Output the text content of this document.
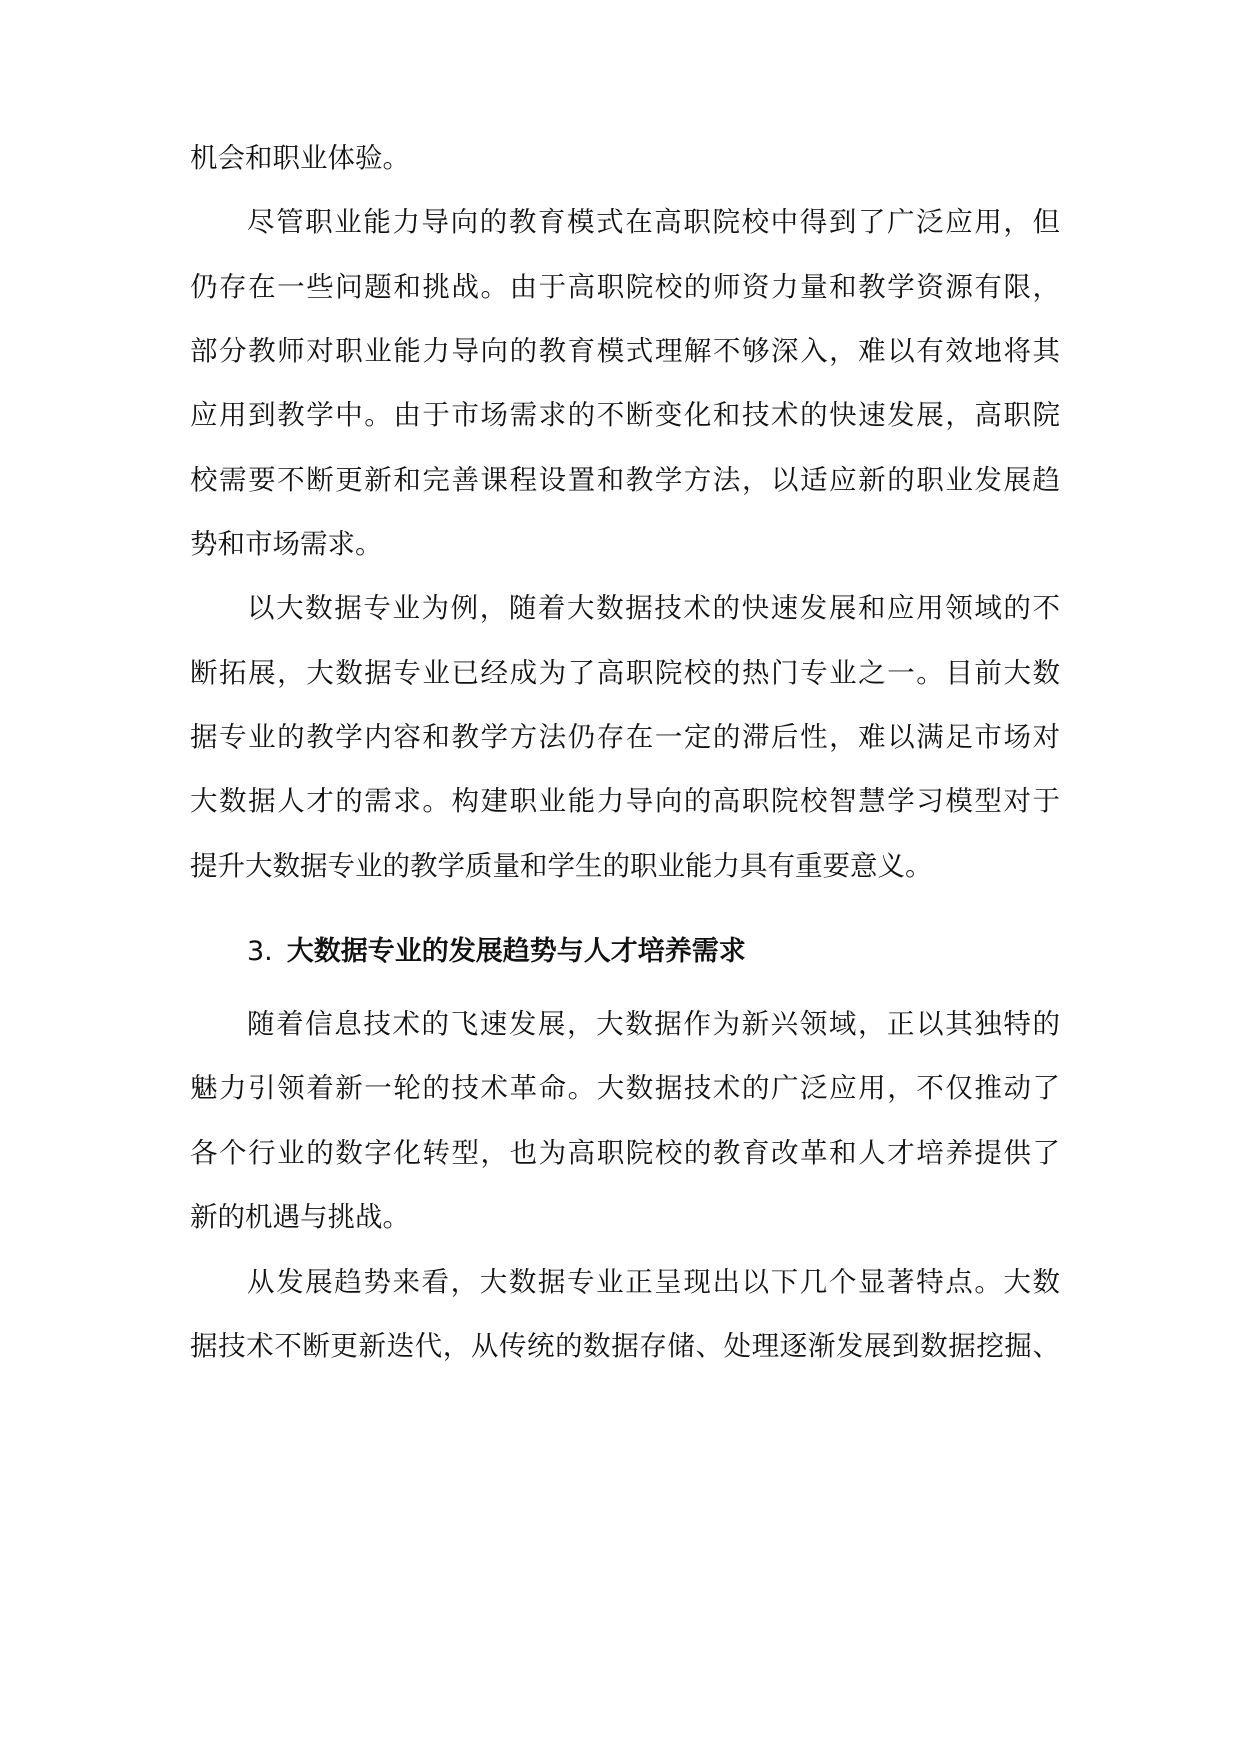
机会和职业体验。

尽管职业能力导向的教育模式在高职院校中得到了广泛应用，但

仍存在一些问题和挑战。由于高职院校的师资力量和教学资源有限，

部分教师对职业能力导向的教育模式理解不够深入，难以有效地将其

应用到教学中。由于市场需求的不断变化和技术的快速发展，高职院

校需要不断更新和完善课程设置和教学方法，以适应新的职业发展趋

势和市场需求。

以大数据专业为例，随着大数据技术的快速发展和应用领域的不

断拓展，大数据专业已经成为了高职院校的热门专业之一。目前大数

据专业的教学内容和教学方法仍存在一定的滞后性，难以满足市场对

大数据人才的需求。构建职业能力导向的高职院校智慧学习模型对于

提升大数据专业的教学质量和学生的职业能力具有重要意义。

3. 大数据专业的发展趋势与人才培养需求

随着信息技术的飞速发展，大数据作为新兴领域，正以其独特的

魅力引领着新一轮的技术革命。大数据技术的广泛应用，不仅推动了

各个行业的数字化转型，也为高职院校的教育改革和人才培养提供了

新的机遇与挑战。

从发展趋势来看，大数据专业正呈现出以下几个显著特点。大数

据技术不断更新迭代，从传统的数据存储、处理逐渐发展到数据挖掘、
